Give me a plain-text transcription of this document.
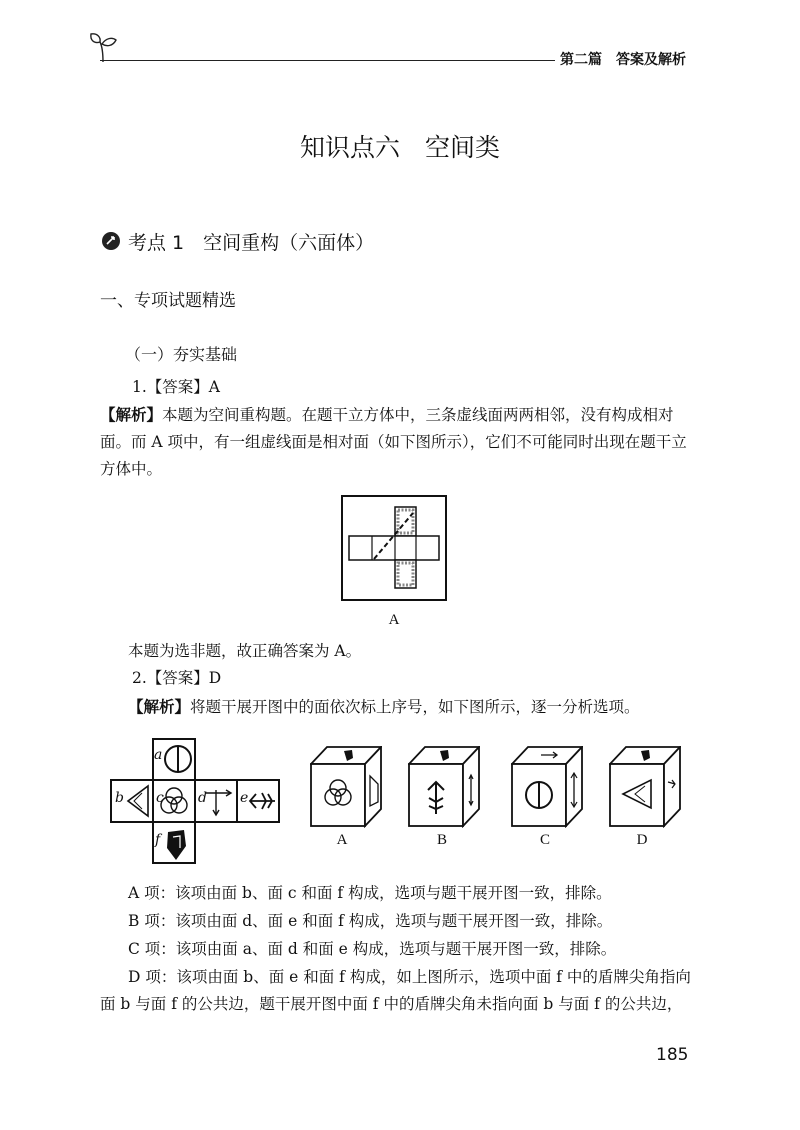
第二篇　答案及解析
知识点六　空间类
考点 1　空间重构（六面体）
一、专项试题精选
（一）夯实基础
1.【答案】A
【解析】本题为空间重构题。在题干立方体中，三条虚线面两两相邻，没有构成相对面。而 A 项中，有一组虚线面是相对面（如下图所示），它们不可能同时出现在题干立方体中。
A
本题为选非题，故正确答案为 A。
2.【答案】D
【解析】将题干展开图中的面依次标上序号，如下图所示，逐一分析选项。
a
b c d e
f	A	B	C	D
A 项：该项由面 b、面 c 和面 f 构成，选项与题干展开图一致，排除。
B 项：该项由面 d、面 e 和面 f 构成，选项与题干展开图一致，排除。
C 项：该项由面 a、面 d 和面 e 构成，选项与题干展开图一致，排除。
D 项：该项由面 b、面 e 和面 f 构成，如上图所示，选项中面 f 中的盾牌尖角指向面 b 与面 f 的公共边，题干展开图中面 f 中的盾牌尖角未指向面 b 与面 f 的公共边，
185
